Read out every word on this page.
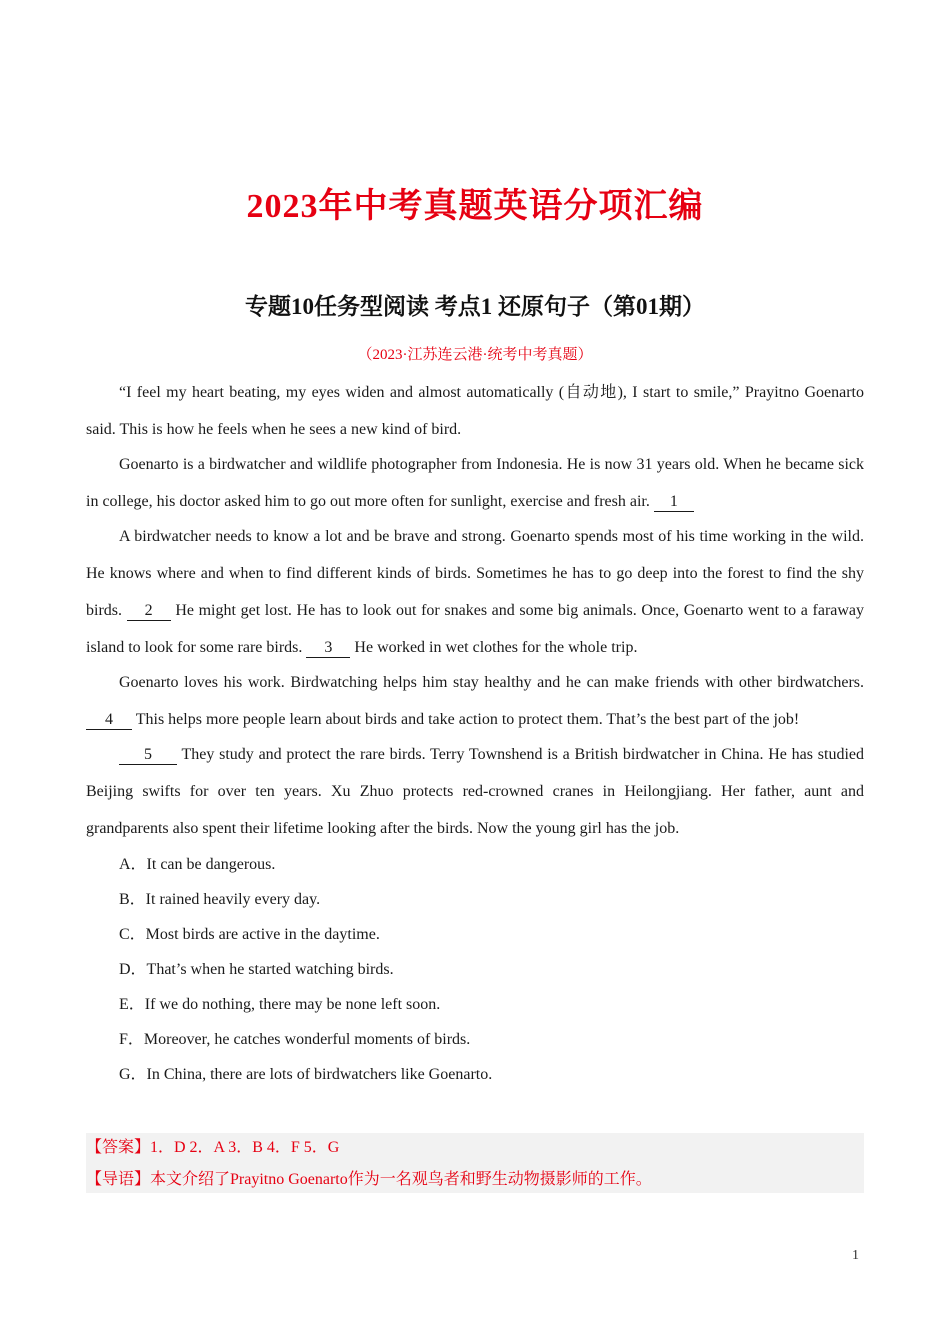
2023年中考真题英语分项汇编
专题10任务型阅读 考点1 还原句子（第01期）
（2023·江苏连云港·统考中考真题）

“I feel my heart beating, my eyes widen and almost automatically (自动地), I start to smile,” Prayitno Goenarto said. This is how he feels when he sees a new kind of bird.

Goenarto is a birdwatcher and wildlife photographer from Indonesia. He is now 31 years old. When he became sick in college, his doctor asked him to go out more often for sunlight, exercise and fresh air. 1

A birdwatcher needs to know a lot and be brave and strong. Goenarto spends most of his time working in the wild. He knows where and when to find different kinds of birds. Sometimes he has to go deep into the forest to find the shy birds. 2 He might get lost. He has to look out for snakes and some big animals. Once, Goenarto went to a faraway island to look for some rare birds. 3 He worked in wet clothes for the whole trip.

Goenarto loves his work. Birdwatching helps him stay healthy and he can make friends with other birdwatchers. 4 This helps more people learn about birds and take action to protect them. That’s the best part of the job!

5 They study and protect the rare birds. Terry Townshend is a British birdwatcher in China. He has studied Beijing swifts for over ten years. Xu Zhuo protects red-crowned cranes in Heilongjiang. Her father, aunt and grandparents also spent their lifetime looking after the birds. Now the young girl has the job.

A．It can be dangerous.
B．It rained heavily every day.
C．Most birds are active in the daytime.
D．That’s when he started watching birds.
E．If we do nothing, there may be none left soon.
F．Moreover, he catches wonderful moments of birds.
G．In China, there are lots of birdwatchers like Goenarto.
【答案】1．D 2．A 3．B 4．F 5．G
【导语】本文介绍了Prayitno Goenarto作为一名观鸟者和野生动物摄影师的工作。
1
